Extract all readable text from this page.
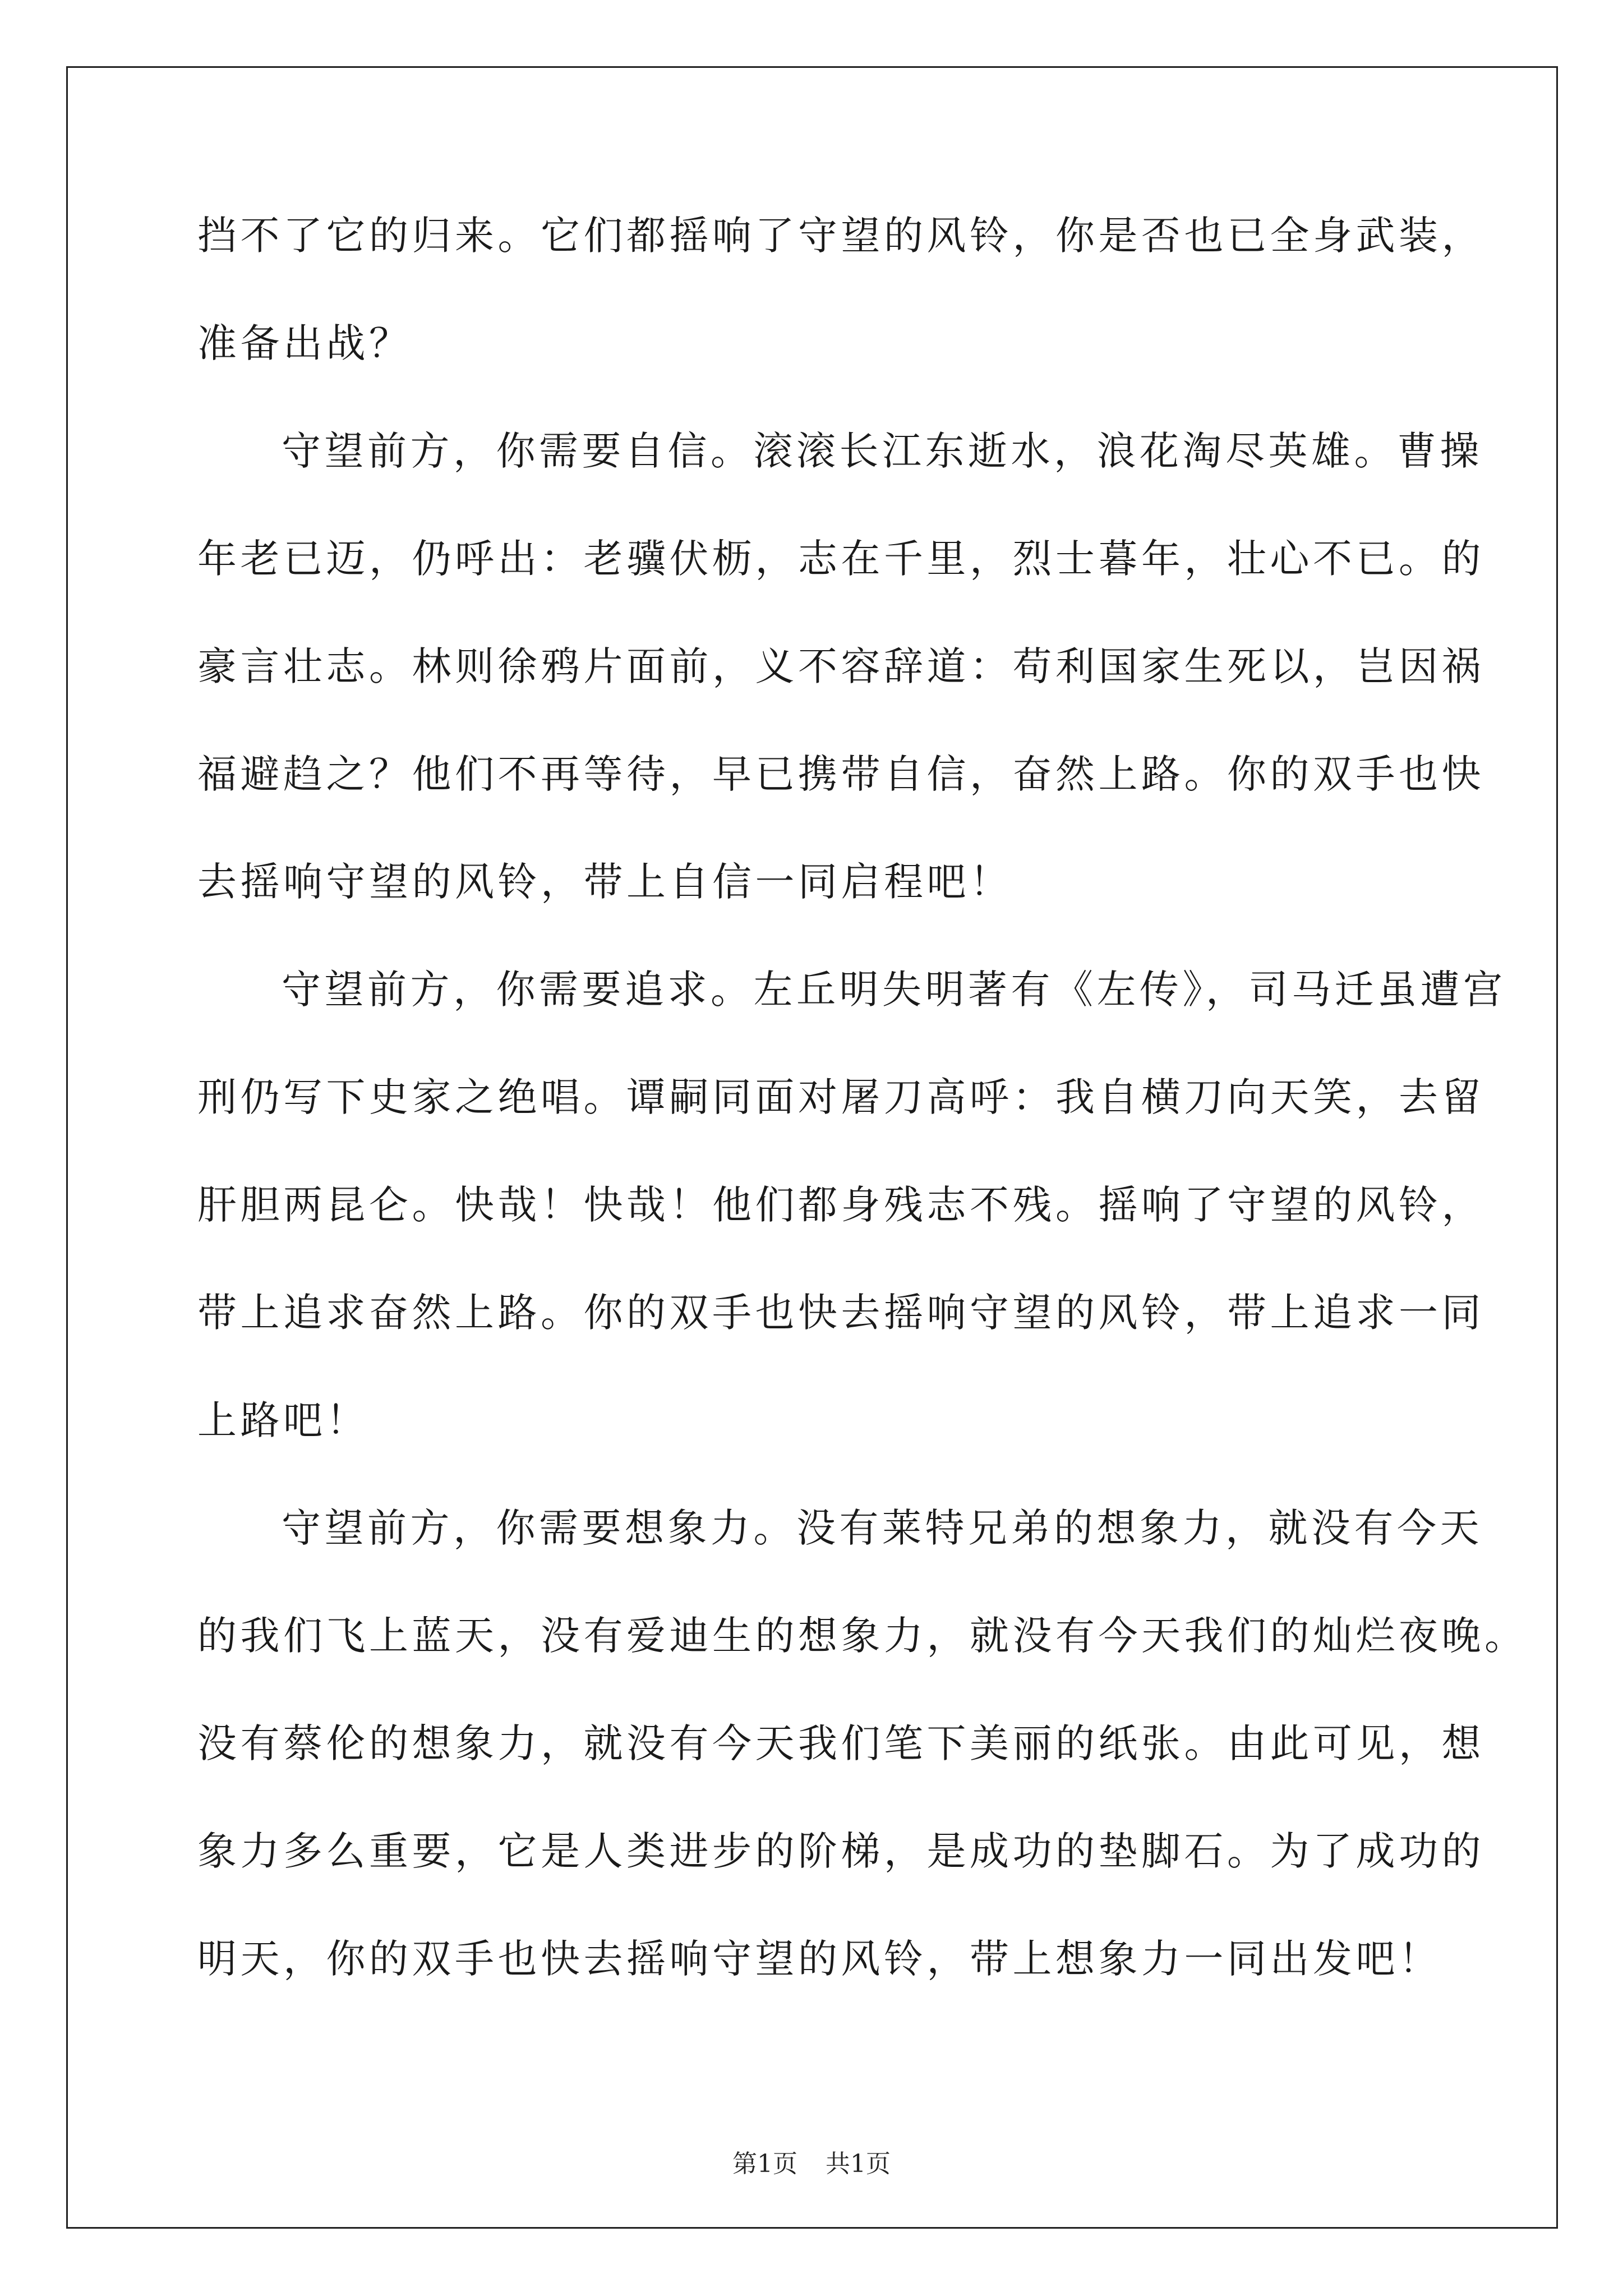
挡不了它的归来。它们都摇响了守望的风铃，你是否也已全身武装，
准备出战？
守望前方，你需要自信。滚滚长江东逝水，浪花淘尽英雄。曹操
年老已迈，仍呼出：老骥伏枥，志在千里，烈士暮年，壮心不已。的
豪言壮志。林则徐鸦片面前，义不容辞道：苟利国家生死以，岂因祸
福避趋之？他们不再等待，早已携带自信，奋然上路。你的双手也快
去摇响守望的风铃，带上自信一同启程吧！
守望前方，你需要追求。左丘明失明著有《左传》，司马迁虽遭宫
刑仍写下史家之绝唱。谭嗣同面对屠刀高呼：我自横刀向天笑，去留
肝胆两昆仑。快哉！快哉！他们都身残志不残。摇响了守望的风铃，
带上追求奋然上路。你的双手也快去摇响守望的风铃，带上追求一同
上路吧！
守望前方，你需要想象力。没有莱特兄弟的想象力，就没有今天
的我们飞上蓝天，没有爱迪生的想象力，就没有今天我们的灿烂夜晚。
没有蔡伦的想象力，就没有今天我们笔下美丽的纸张。由此可见，想
象力多么重要，它是人类进步的阶梯，是成功的垫脚石。为了成功的
明天，你的双手也快去摇响守望的风铃，带上想象力一同出发吧！
第1页 共1页
